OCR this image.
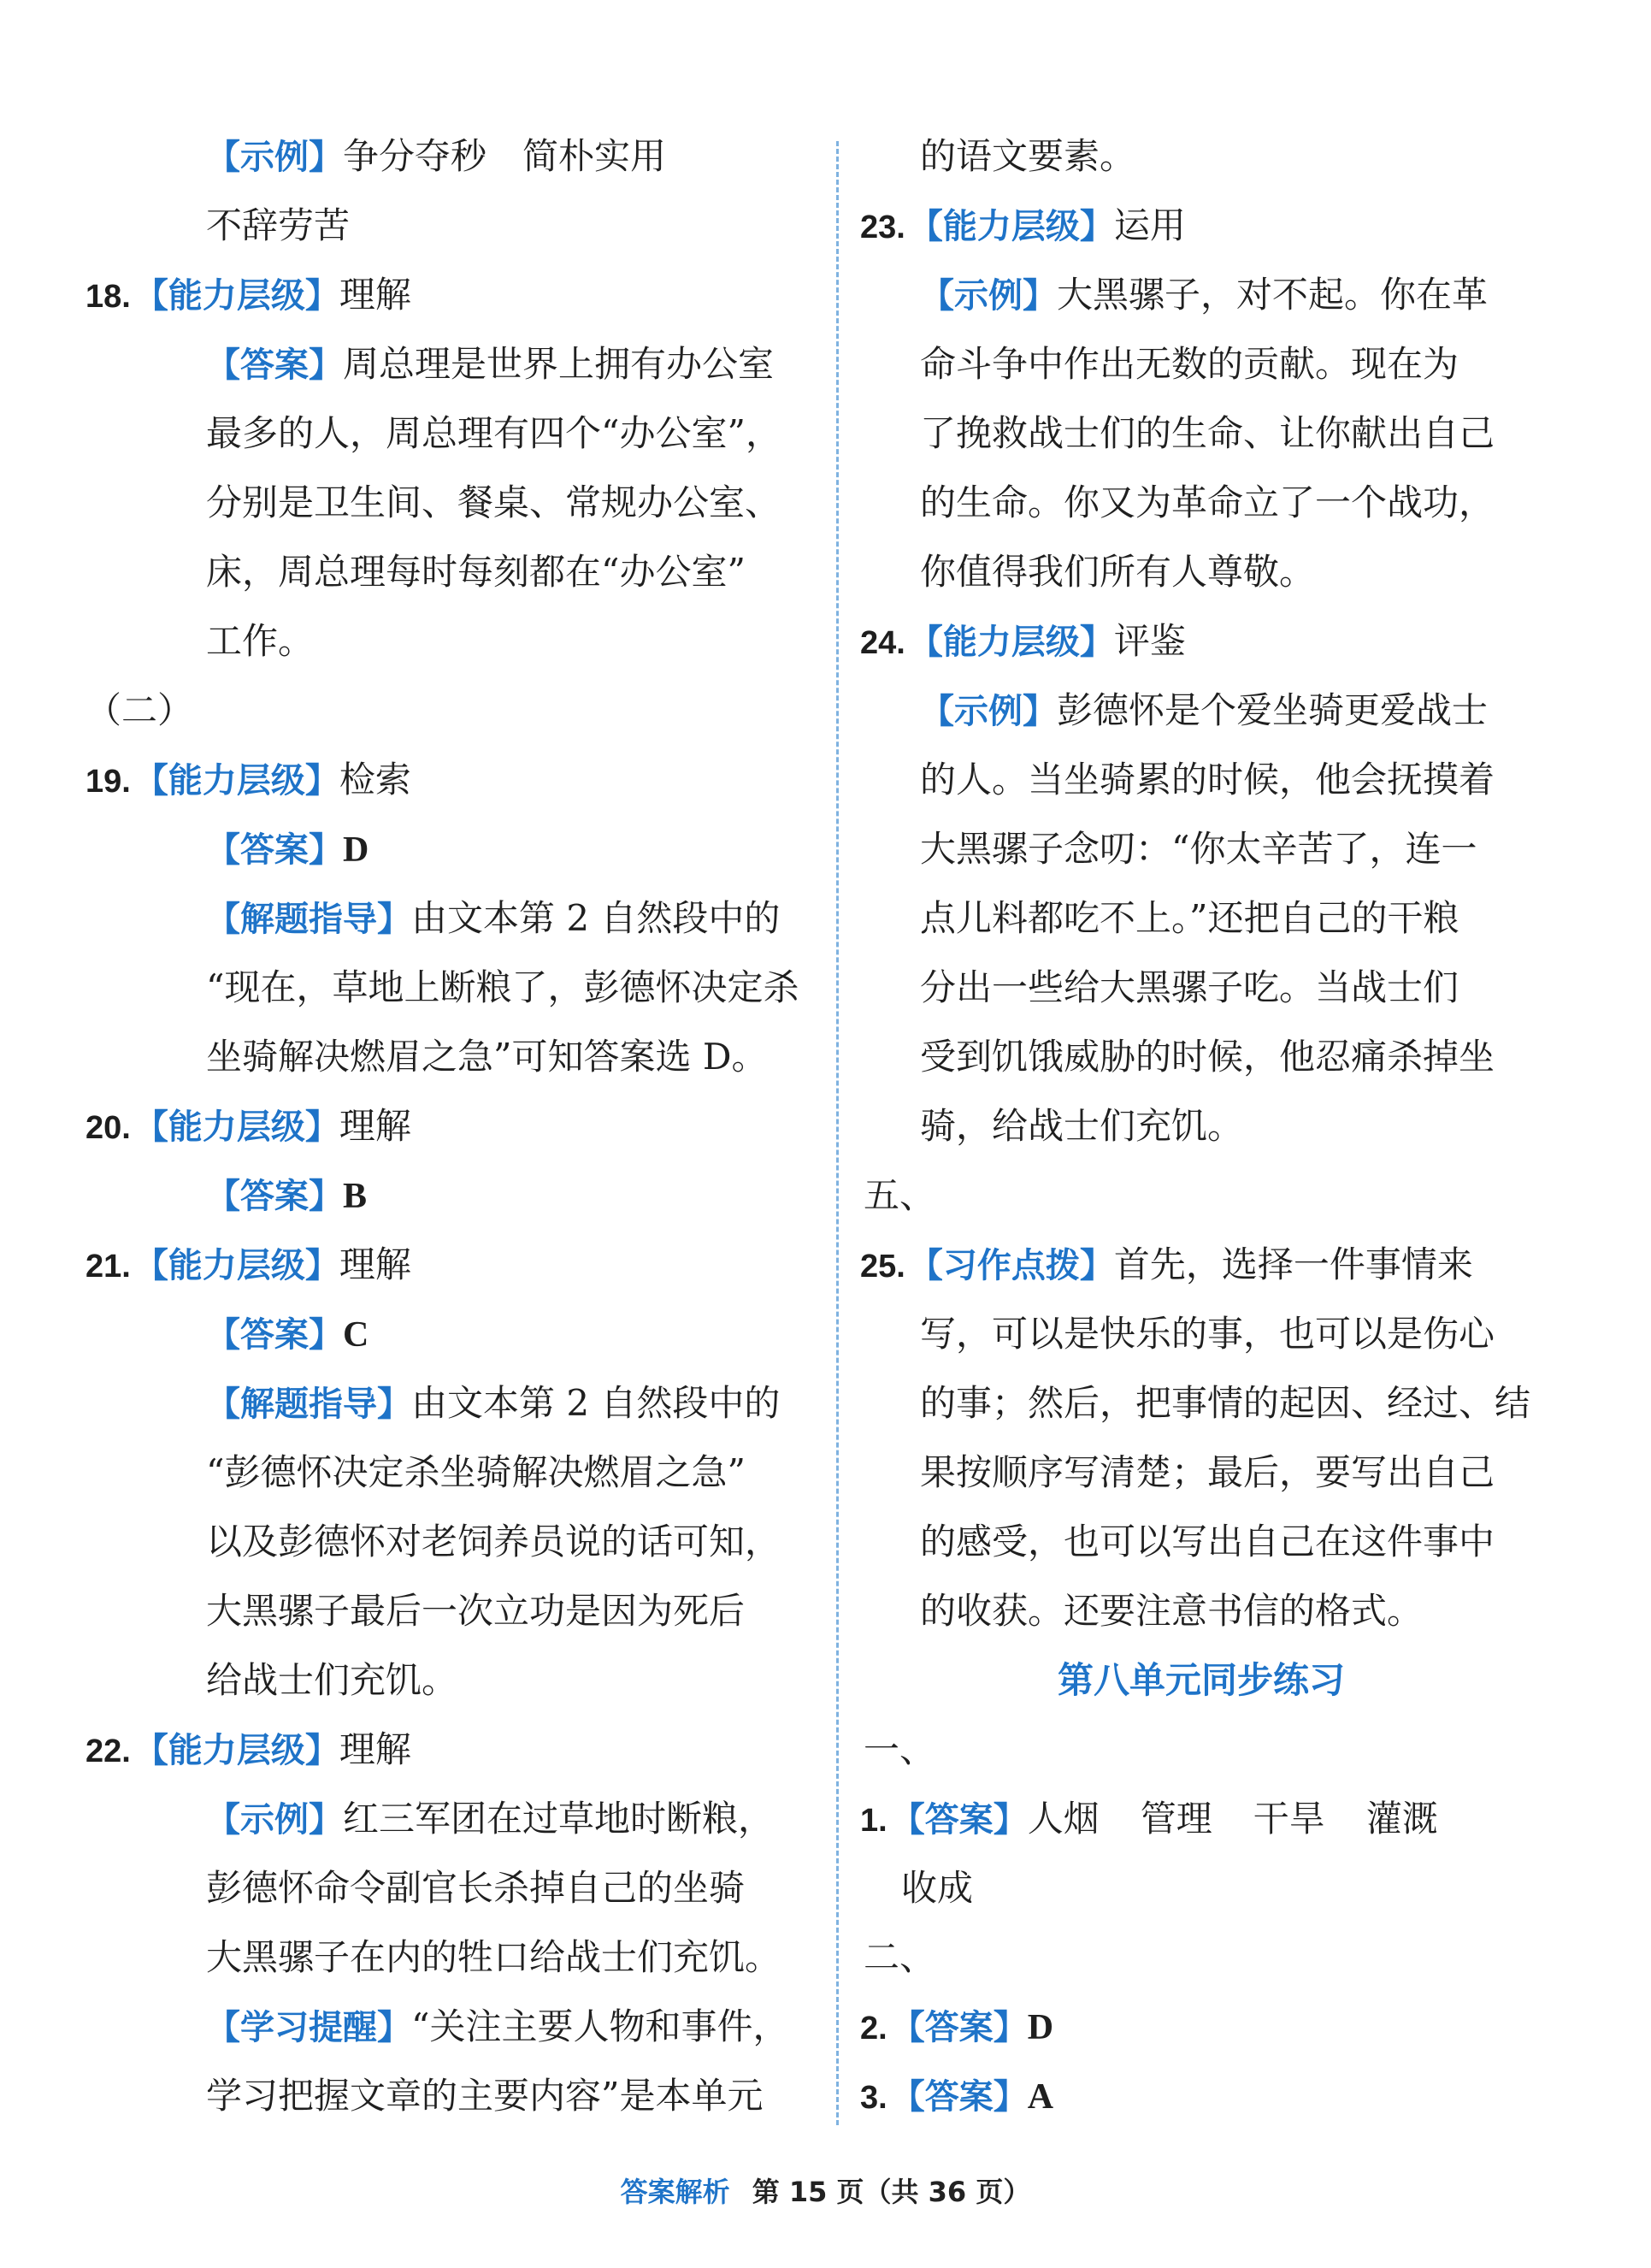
【示例】争分夺秒　简朴实用
不辞劳苦
18. 【能力层级】理解
【答案】周总理是世界上拥有办公室
最多的人，周总理有四个“办公室”，
分别是卫生间、餐桌、常规办公室、
床，周总理每时每刻都在“办公室”
工作。
（二）
19. 【能力层级】检索
【答案】D
【解题指导】由文本第 2 自然段中的
“现在，草地上断粮了，彭德怀决定杀
坐骑解决燃眉之急”可知答案选 D。
20. 【能力层级】理解
【答案】B
21. 【能力层级】理解
【答案】C
【解题指导】由文本第 2 自然段中的
“彭德怀决定杀坐骑解决燃眉之急”
以及彭德怀对老饲养员说的话可知，
大黑骡子最后一次立功是因为死后
给战士们充饥。
22. 【能力层级】理解
【示例】红三军团在过草地时断粮，
彭德怀命令副官长杀掉自己的坐骑
大黑骡子在内的牲口给战士们充饥。
【学习提醒】“关注主要人物和事件，
学习把握文章的主要内容”是本单元
的语文要素。
23. 【能力层级】运用
【示例】大黑骡子，对不起。你在革
命斗争中作出无数的贡献。现在为
了挽救战士们的生命、让你献出自己
的生命。你又为革命立了一个战功，
你值得我们所有人尊敬。
24. 【能力层级】评鉴
【示例】彭德怀是个爱坐骑更爱战士
的人。当坐骑累的时候，他会抚摸着
大黑骡子念叨：“你太辛苦了，连一
点儿料都吃不上。”还把自己的干粮
分出一些给大黑骡子吃。当战士们
受到饥饿威胁的时候，他忍痛杀掉坐
骑，给战士们充饥。
五、
25. 【习作点拨】首先，选择一件事情来
写，可以是快乐的事，也可以是伤心
的事；然后，把事情的起因、经过、结
果按顺序写清楚；最后，要写出自己
的感受，也可以写出自己在这件事中
的收获。还要注意书信的格式。
第八单元同步练习
一、
1. 【答案】人烟 管理 干旱 灌溉
收成
二、
2. 【答案】D
3. 【答案】A
答案解析 第 15 页（共 36 页）
